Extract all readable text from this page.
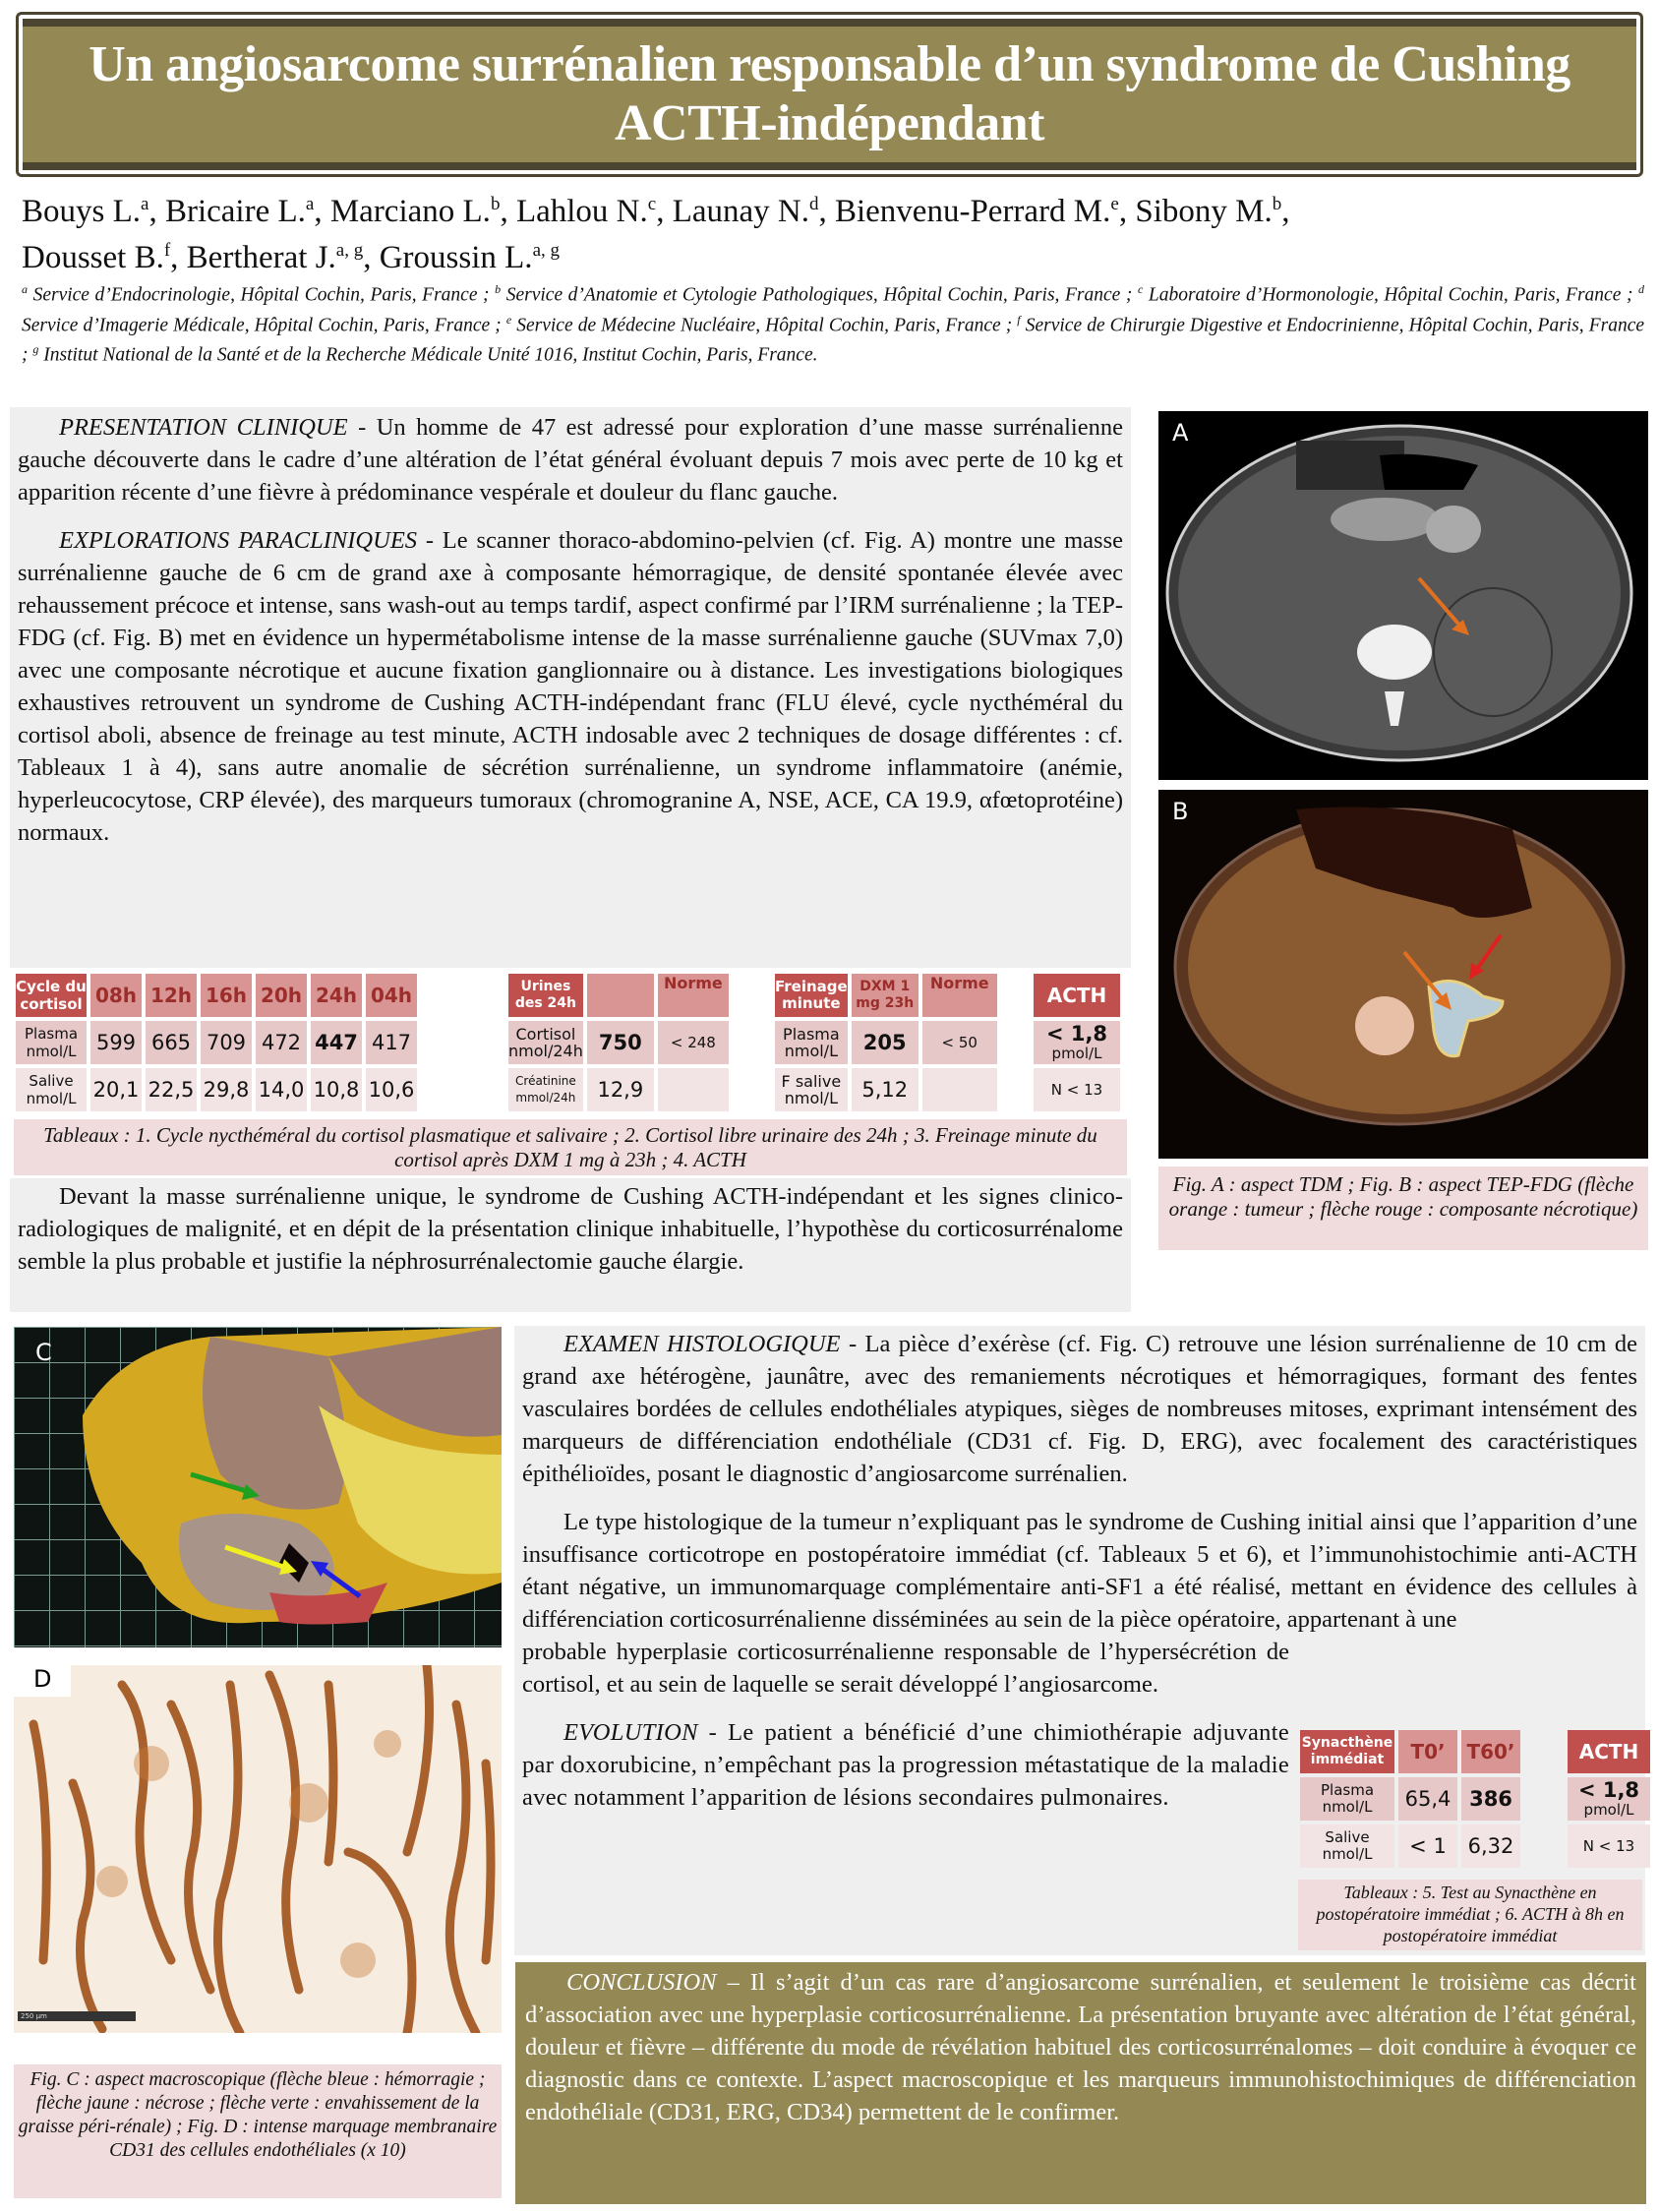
Un angiosarcome surrénalien responsable d’un syndrome de Cushing ACTH-indépendant
Bouys L.$^a$, Bricaire L.$^a$, Marciano L.$^b$, Lahlou N.$^c$, Launay N.$^d$, Bienvenu-Perrard M.$^e$, Sibony M.$^b$,
Dousset B.$^f$, Bertherat J.$^{a, g}$, Groussin L.$^{a, g}$
$^a$ Service d’Endocrinologie, Hôpital Cochin, Paris, France ; $^b$ Service d’Anatomie et Cytologie Pathologiques, Hôpital Cochin, Paris, France ; $^c$ Laboratoire d’Hormonologie, Hôpital Cochin, Paris, France ; $^d$ Service d’Imagerie Médicale, Hôpital Cochin, Paris, France ; $^e$ Service de Médecine Nucléaire, Hôpital Cochin, Paris, France ; $^f$ Service de Chirurgie Digestive et Endocrinienne, Hôpital Cochin, Paris, France ; $^g$ Institut National de la Santé et de la Recherche Médicale Unité 1016, Institut Cochin, Paris, France.

PRESENTATION CLINIQUE - Un homme de 47 est adressé pour exploration d’une masse surrénalienne gauche découverte dans le cadre d’une altération de l’état général évoluant depuis 7 mois avec perte de 10 kg et apparition récente d’une fièvre à prédominance vespérale et douleur du flanc gauche.

EXPLORATIONS PARACLINIQUES - Le scanner thoraco-abdomino-pelvien (cf. Fig. A) montre une masse surrénalienne gauche de 6 cm de grand axe à composante hémorragique, de densité spontanée élevée avec rehaussement précoce et intense, sans wash-out au temps tardif, aspect confirmé par l’IRM surrénalienne ; la TEP-FDG (cf. Fig. B) met en évidence un hypermétabolisme intense de la masse surrénalienne gauche (SUVmax 7,0) avec une composante nécrotique et aucune fixation ganglionnaire ou à distance. Les investigations biologiques exhaustives retrouvent un syndrome de Cushing ACTH-indépendant franc (FLU élevé, cycle nycthéméral du cortisol aboli, absence de freinage au test minute, ACTH indosable avec 2 techniques de dosage différentes : cf. Tableaux 1 à 4), sans autre anomalie de sécrétion surrénalienne, un syndrome inflammatoire (anémie, hyperleucocytose, CRP élevée), des marqueurs tumoraux (chromogranine A, NSE, ACE, CA 19.9, αfœtoprotéine) normaux.

Cycle du cortisol	08h	12h	16h	20h	24h	04h
Plasma nmol/L	599	665	709	472	447	417
Salive nmol/L	20,1	22,5	29,8	14,0	10,8	10,6
Urines des 24h		Norme
Cortisol nmol/24h	750	< 248
Créatinine mmol/24h	12,9	
Freinage minute	DXM 1 mg 23h	Norme
Plasma nmol/L	205	< 50
F salive nmol/L	5,12	
ACTH

< 1,8
pmol/L
N < 13
Tableaux : 1. Cycle nycthéméral du cortisol plasmatique et salivaire ; 2. Cortisol libre urinaire des 24h ; 3. Freinage minute du cortisol après DXM 1 mg à 23h ; 4. ACTH

Devant la masse surrénalienne unique, le syndrome de Cushing ACTH-indépendant et les signes clinico-radiologiques de malignité, et en dépit de la présentation clinique inhabituelle, l’hypothèse du corticosurrénalome semble la plus probable et justifie la néphrosurrénalectomie gauche élargie.

A
B
Fig. A : aspect TDM ; Fig. B : aspect TEP-FDG (flèche orange : tumeur ; flèche rouge : composante nécrotique)
C
D
250 µm
Fig. C : aspect macroscopique (flèche bleue : hémorragie ; flèche jaune : nécrose ; flèche verte : envahissement de la graisse péri-rénale) ; Fig. D : intense marquage membranaire CD31 des cellules endothéliales (x 10)

EXAMEN HISTOLOGIQUE - La pièce d’exérèse (cf. Fig. C) retrouve une lésion surrénalienne de 10 cm de grand axe hétérogène, jaunâtre, avec des remaniements nécrotiques et hémorragiques, formant des fentes vasculaires bordées de cellules endothéliales atypiques, sièges de nombreuses mitoses, exprimant intensément des marqueurs de différenciation endothéliale (CD31 cf. Fig. D, ERG), avec focalement des caractéristiques épithélioïdes, posant le diagnostic d’angiosarcome surrénalien.

Le type histologique de la tumeur n’expliquant pas le syndrome de Cushing initial ainsi que l’apparition d’une insuffisance corticotrope en postopératoire immédiat (cf. Tableaux 5 et 6), et l’immunohistochimie anti-ACTH étant négative, un immunomarquage complémentaire anti-SF1 a été réalisé, mettant en évidence des cellules à différenciation corticosurrénalienne disséminées au sein de la pièce opératoire, appartenant à une

probable hyperplasie corticosurrénalienne responsable de l’hypersécrétion de cortisol, et au sein de laquelle se serait développé l’angiosarcome.

EVOLUTION - Le patient a bénéficié d’une chimiothérapie adjuvante par doxorubicine, n’empêchant pas la progression métastatique de la maladie avec notamment l’apparition de lésions secondaires pulmonaires.

Synacthène immédiat	T0’	T60’
Plasma nmol/L	65,4	386
Salive nmol/L	< 1	6,32
ACTH

< 1,8
pmol/L
N < 13
Tableaux : 5. Test au Synacthène en postopératoire immédiat ; 6. ACTH à 8h en postopératoire immédiat

CONCLUSION – Il s’agit d’un cas rare d’angiosarcome surrénalien, et seulement le troisième cas décrit d’association avec une hyperplasie corticosurrénalienne. La présentation bruyante avec altération de l’état général, douleur et fièvre – différente du mode de révélation habituel des corticosurrénalomes – doit conduire à évoquer ce diagnostic dans ce contexte. L’aspect macroscopique et les marqueurs immunohistochimiques de différenciation endothéliale (CD31, ERG, CD34) permettent de le confirmer.
